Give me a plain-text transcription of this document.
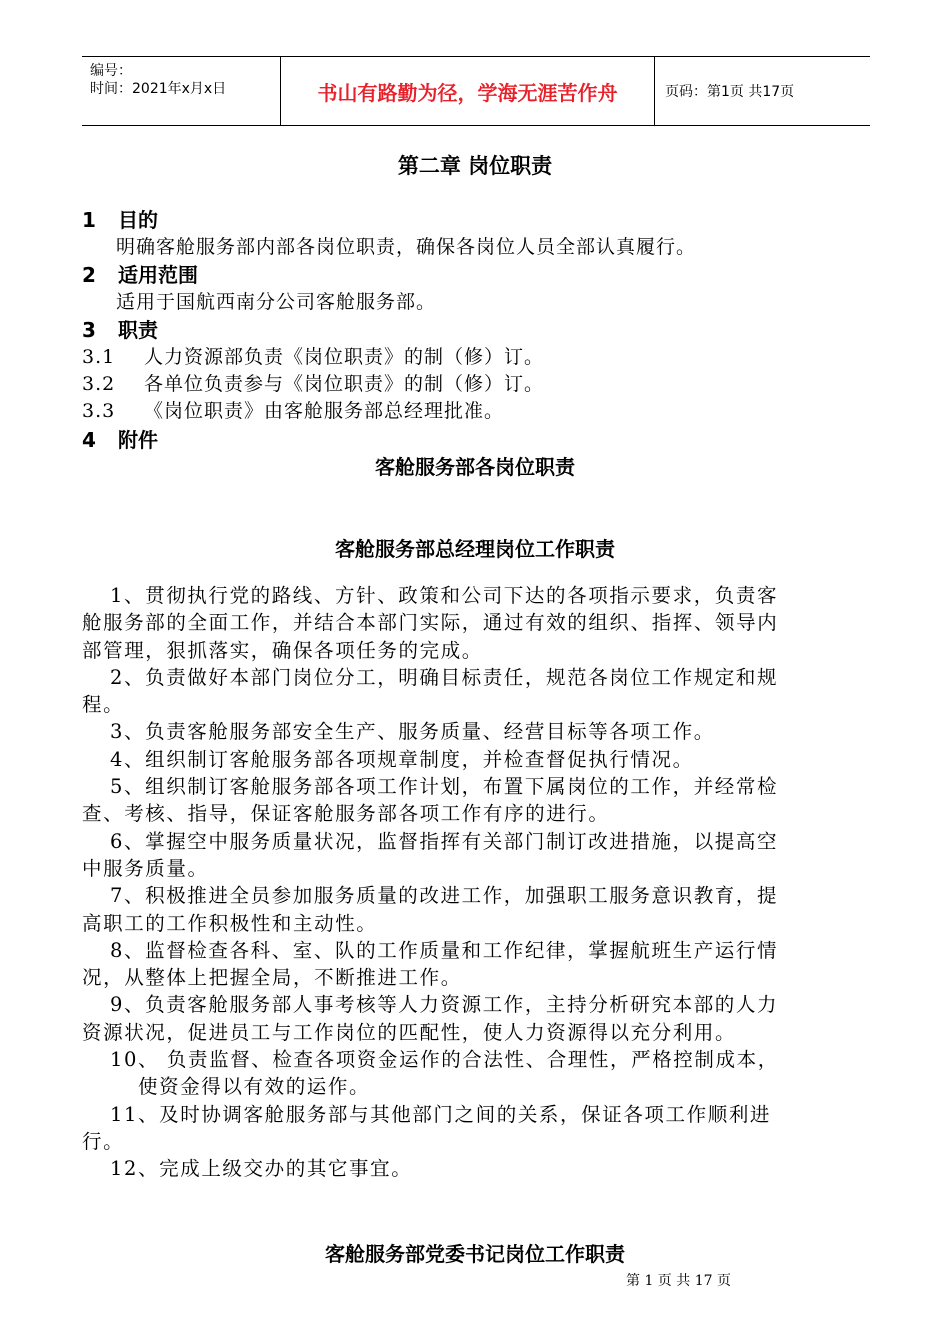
编号：
时间：2021年x月x日	书山有路勤为径，学海无涯苦作舟	页码：第1页 共17页
第二章 岗位职责
1 目的
明确客舱服务部内部各岗位职责，确保各岗位人员全部认真履行。
2 适用范围
适用于国航西南分公司客舱服务部。
3 职责
3.1 人力资源部负责《岗位职责》的制（修）订。
3.2 各单位负责参与《岗位职责》的制（修）订。
3.3 《岗位职责》由客舱服务部总经理批准。
4 附件
客舱服务部各岗位职责
客舱服务部总经理岗位工作职责
1、贯彻执行党的路线、方针、政策和公司下达的各项指示要求，负责客
舱服务部的全面工作，并结合本部门实际，通过有效的组织、指挥、领导内
部管理，狠抓落实，确保各项任务的完成。
2、负责做好本部门岗位分工，明确目标责任，规范各岗位工作规定和规
程。
3、负责客舱服务部安全生产、服务质量、经营目标等各项工作。
4、组织制订客舱服务部各项规章制度，并检查督促执行情况。
5、组织制订客舱服务部各项工作计划，布置下属岗位的工作，并经常检
查、考核、指导，保证客舱服务部各项工作有序的进行。
6、掌握空中服务质量状况，监督指挥有关部门制订改进措施，以提高空
中服务质量。
7、积极推进全员参加服务质量的改进工作，加强职工服务意识教育，提
高职工的工作积极性和主动性。
8、监督检查各科、室、队的工作质量和工作纪律，掌握航班生产运行情
况，从整体上把握全局，不断推进工作。
9、负责客舱服务部人事考核等人力资源工作，主持分析研究本部的人力
资源状况，促进员工与工作岗位的匹配性，使人力资源得以充分利用。
10、 负责监督、检查各项资金运作的合法性、合理性，严格控制成本，
使资金得以有效的运作。
11、及时协调客舱服务部与其他部门之间的关系，保证各项工作顺利进
行。
12、完成上级交办的其它事宜。
客舱服务部党委书记岗位工作职责
第 1 页 共 17 页
